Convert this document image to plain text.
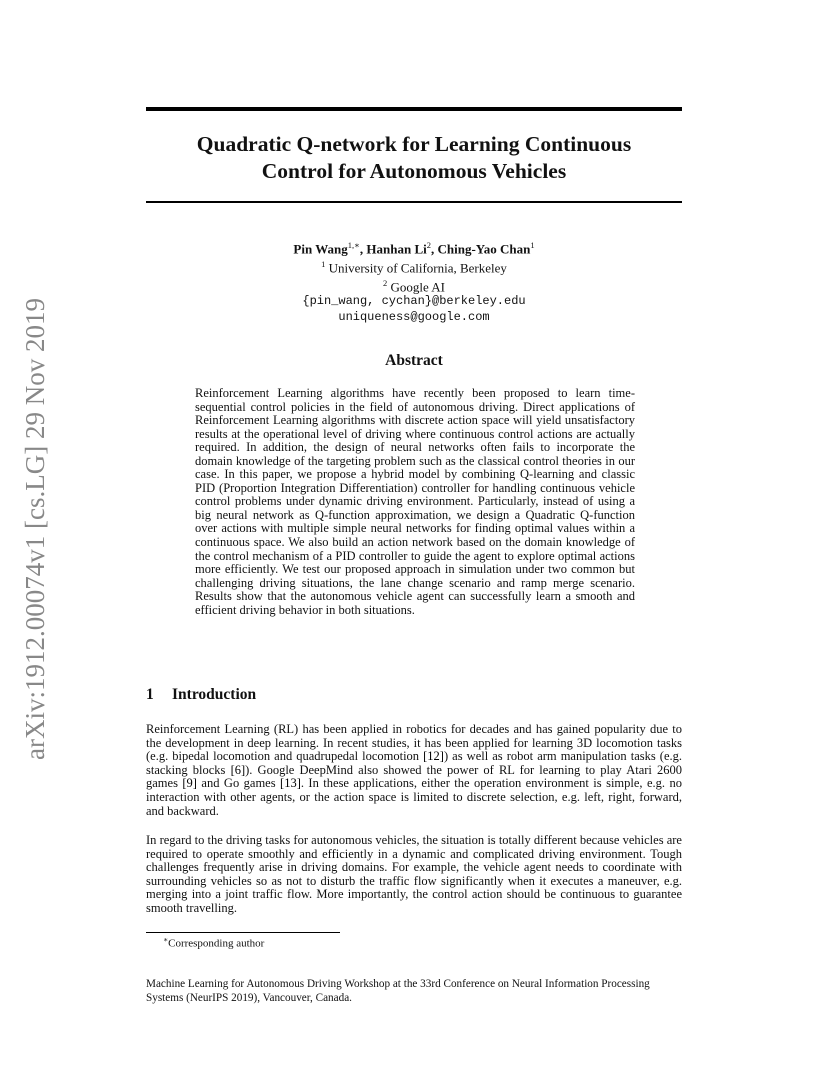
arXiv:1912.00074v1 [cs.LG] 29 Nov 2019
Quadratic Q-network for Learning Continuous
Control for Autonomous Vehicles
Pin Wang$^{1,∗}$, Hanhan Li$^2$, Ching-Yao Chan$^1$
$^1$ University of California, Berkeley
$^2$ Google AI
{pin_wang, cychan}@berkeley.edu
uniqueness@google.com
Abstract

Reinforcement Learning algorithms have recently been proposed to learn time-sequential control policies in the field of autonomous driving. Direct applications of Reinforcement Learning algorithms with discrete action space will yield unsatisfactory results at the operational level of driving where continuous control actions are actually required. In addition, the design of neural networks often fails to incorporate the domain knowledge of the targeting problem such as the classical control theories in our case. In this paper, we propose a hybrid model by combining Q-learning and classic PID (Proportion Integration Differentiation) controller for handling continuous vehicle control problems under dynamic driving environment. Particularly, instead of using a big neural network as Q-function approximation, we design a Quadratic Q-function over actions with multiple simple neural networks for finding optimal values within a continuous space. We also build an action network based on the domain knowledge of the control mechanism of a PID controller to guide the agent to explore optimal actions more efficiently. We test our proposed approach in simulation under two common but challenging driving situations, the lane change scenario and ramp merge scenario. Results show that the autonomous vehicle agent can successfully learn a smooth and efficient driving behavior in both situations.

1 Introduction

Reinforcement Learning (RL) has been applied in robotics for decades and has gained popularity due to the development in deep learning. In recent studies, it has been applied for learning 3D locomotion tasks (e.g. bipedal locomotion and quadrupedal locomotion [12]) as well as robot arm manipulation tasks (e.g. stacking blocks [6]). Google DeepMind also showed the power of RL for learning to play Atari 2600 games [9] and Go games [13]. In these applications, either the operation environment is simple, e.g. no interaction with other agents, or the action space is limited to discrete selection, e.g. left, right, forward, and backward.

In regard to the driving tasks for autonomous vehicles, the situation is totally different because vehicles are required to operate smoothly and efficiently in a dynamic and complicated driving environment. Tough challenges frequently arise in driving domains. For example, the vehicle agent needs to coordinate with surrounding vehicles so as not to disturb the traffic flow significantly when it executes a maneuver, e.g. merging into a joint traffic flow. More importantly, the control action should be continuous to guarantee smooth travelling.

∗Corresponding author
Machine Learning for Autonomous Driving Workshop at the 33rd Conference on Neural Information Processing Systems (NeurIPS 2019), Vancouver, Canada.
